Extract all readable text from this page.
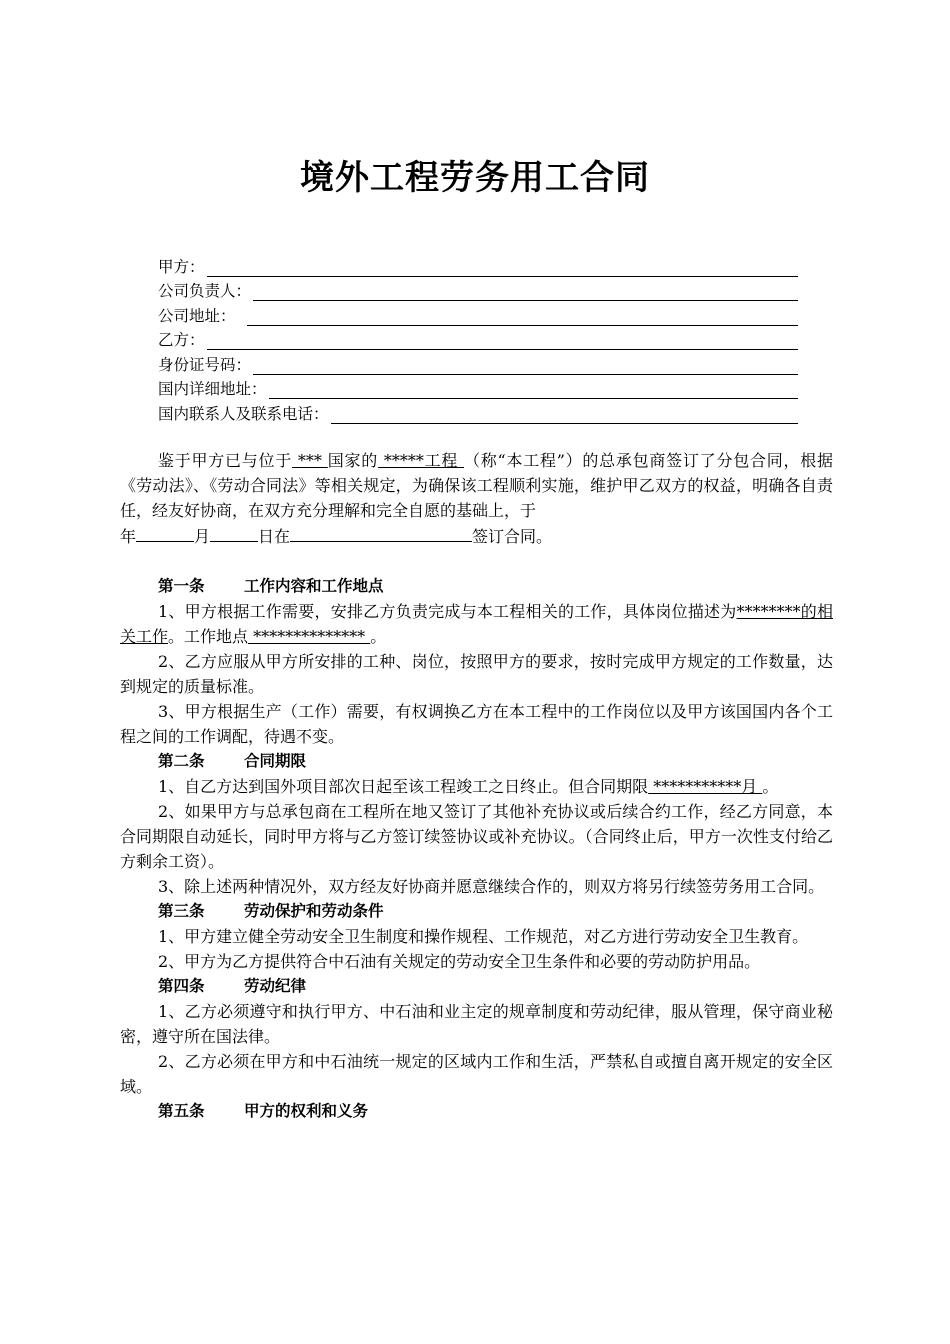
境外工程劳务用工合同
甲方：
公司负责人：
公司地址：
乙方：
身份证号码：
国内详细地址：
国内联系人及联系电话：

鉴于甲方已与位于 *** 国家的 *****工程 （称“本工程”）的总承包商签订了分包合同，根据《劳动法》、《劳动合同法》等相关规定，为确保该工程顺利实施，维护甲乙双方的权益，明确各自责任，经友好协商，在双方充分理解和完全自愿的基础上，于

年	月	日在	签订合同。

第一条	工作内容和工作地点

1、甲方根据工作需要，安排乙方负责完成与本工程相关的工作，具体岗位描述为********的相关工作。工作地点 ************** 。

2、乙方应服从甲方所安排的工种、岗位，按照甲方的要求，按时完成甲方规定的工作数量，达到规定的质量标准。

3、甲方根据生产（工作）需要，有权调换乙方在本工程中的工作岗位以及甲方该国国内各个工程之间的工作调配，待遇不变。

第二条	合同期限

1、自乙方达到国外项目部次日起至该工程竣工之日终止。但合同期限 ***********月 。

2、如果甲方与总承包商在工程所在地又签订了其他补充协议或后续合约工作，经乙方同意，本合同期限自动延长，同时甲方将与乙方签订续签协议或补充协议。（合同终止后，甲方一次性支付给乙方剩余工资）。

3、除上述两种情况外，双方经友好协商并愿意继续合作的，则双方将另行续签劳务用工合同。

第三条	劳动保护和劳动条件

1、甲方建立健全劳动安全卫生制度和操作规程、工作规范，对乙方进行劳动安全卫生教育。

2、甲方为乙方提供符合中石油有关规定的劳动安全卫生条件和必要的劳动防护用品。

第四条	劳动纪律

1、乙方必须遵守和执行甲方、中石油和业主定的规章制度和劳动纪律，服从管理，保守商业秘密，遵守所在国法律。

2、乙方必须在甲方和中石油统一规定的区域内工作和生活，严禁私自或擅自离开规定的安全区域。

第五条	甲方的权利和义务
